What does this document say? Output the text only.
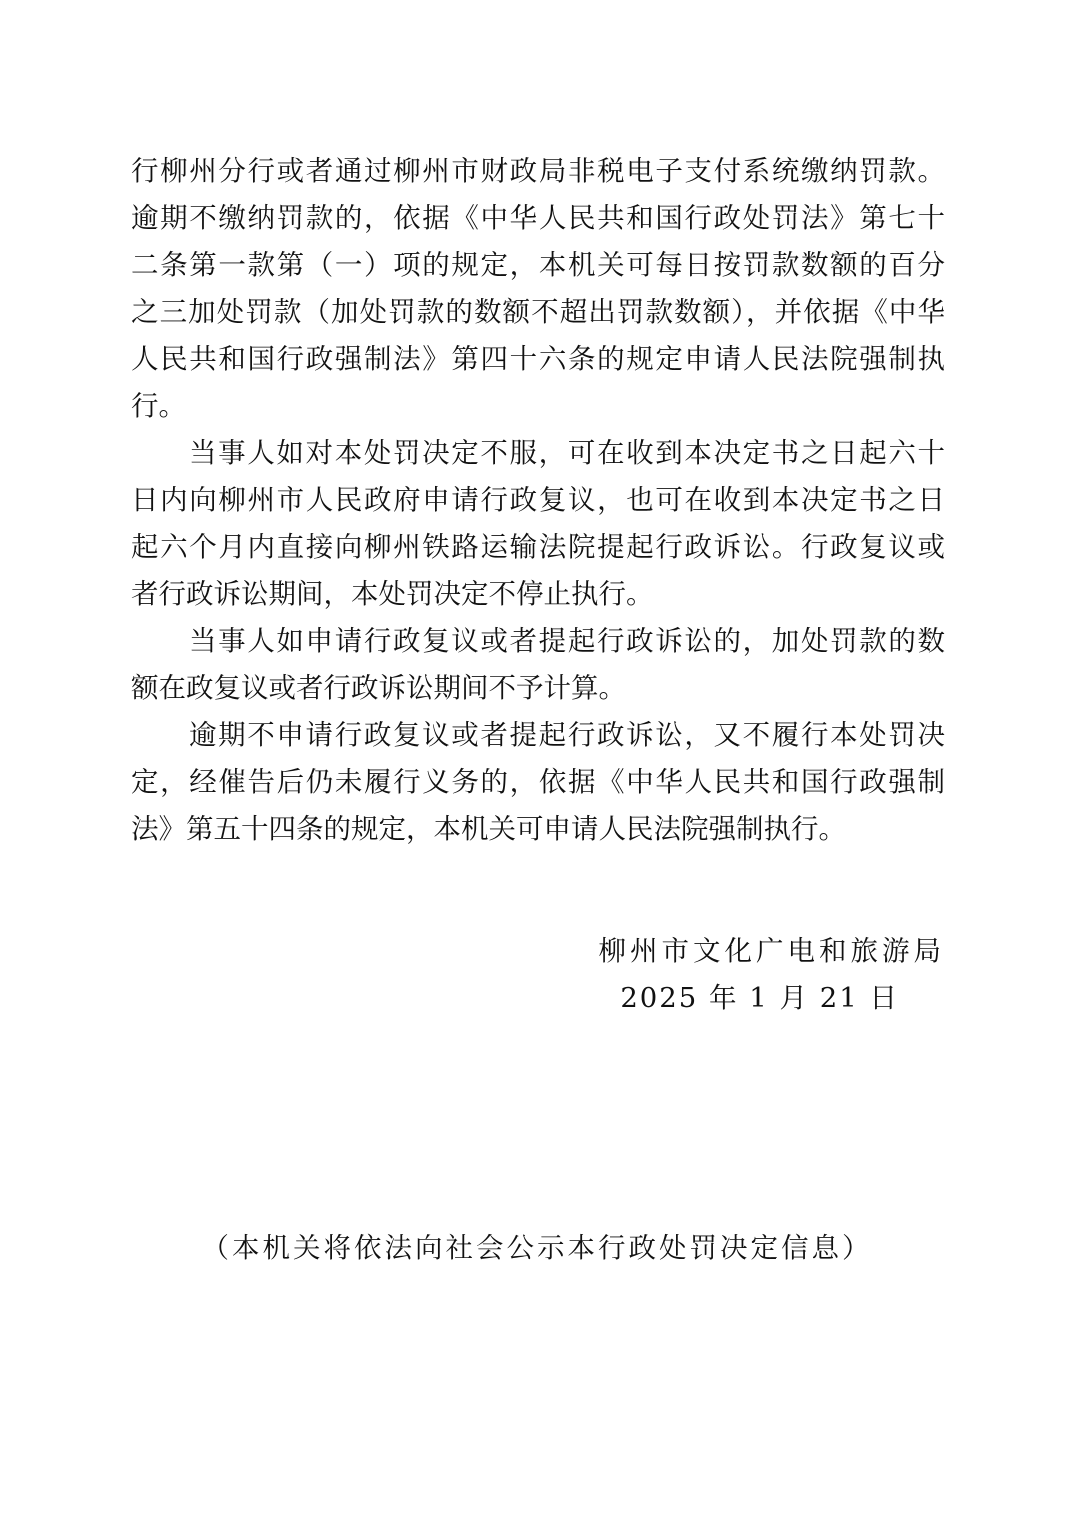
行柳州分行或者通过柳州市财政局非税电子支付系统缴纳罚款。
逾期不缴纳罚款的，依据《中华人民共和国行政处罚法》第七十
二条第一款第（一）项的规定，本机关可每日按罚款数额的百分
之三加处罚款（加处罚款的数额不超出罚款数额），并依据《中华
人民共和国行政强制法》第四十六条的规定申请人民法院强制执
行。
当事人如对本处罚决定不服，可在收到本决定书之日起六十
日内向柳州市人民政府申请行政复议，也可在收到本决定书之日
起六个月内直接向柳州铁路运输法院提起行政诉讼。行政复议或
者行政诉讼期间，本处罚决定不停止执行。
当事人如申请行政复议或者提起行政诉讼的，加处罚款的数
额在政复议或者行政诉讼期间不予计算。
逾期不申请行政复议或者提起行政诉讼，又不履行本处罚决
定，经催告后仍未履行义务的，依据《中华人民共和国行政强制
法》第五十四条的规定，本机关可申请人民法院强制执行。
柳州市文化广电和旅游局
2025 年 1 月 21 日
（本机关将依法向社会公示本行政处罚决定信息）
